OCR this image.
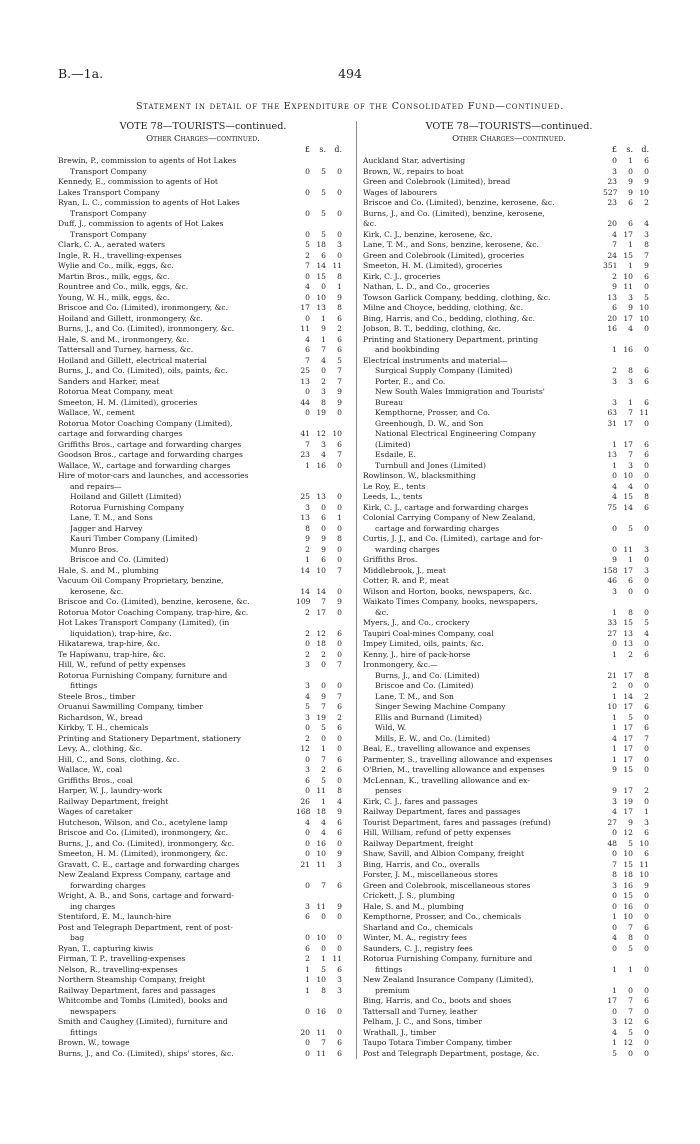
B.—1a.	494
Statement in detail of the Expenditure of the Consolidated Fund—continued.
VOTE 78—TOURISTS—continued.
Other Charges—continued.
£	s.	d.
Brewin, P., commission to agents of Hot Lakes
Transport Company	0	5	0
Kennedy, E., commission to agents of Hot
Lakes Transport Company	0	5	0
Ryan, L. C., commission to agents of Hot Lakes
Transport Company	0	5	0
Duff, J., commission to agents of Hot Lakes
Transport Company	0	5	0
Clark, C. A., aerated waters	5 18	3
Ingle, R. H., travelling-expenses	2	6	0
Wylie and Co., milk, eggs, &c.	7 14 11
Martin Bros., milk, eggs, &c.	0 15	8
Rountree and Co., milk, eggs, &c.	4	0	1
Young, W. H., milk, eggs, &c.	0 10	9
Briscoe and Co. (Limited), ironmongery, &c.	17 13	8
Hoiland and Gillett, ironmongery, &c.	0	1	6
Burns, J., and Co. (Limited), ironmongery, &c.	11	9	2
Hale, S. and M., ironmongery, &c.	4	1	6
Tattersall and Turney, harness, &c.	6	7	6
Hoiland and Gillett, electrical material	7	4	5
Burns, J., and Co. (Limited), oils, paints, &c.	25	0	7
Sanders and Harker, meat	13	2	7
Rotorua Meat Company, meat	0	3	9
Smeeton, H. M. (Limited), groceries	44	8	9
Wallace, W., cement	0 19	0
Rotorua Motor Coaching Company (Limited),
cartage and forwarding charges	41 12 10
Griffiths Bros., cartage and forwarding charges	7	3	6
Goodson Bros., cartage and forwarding charges	23	4	7
Wallace, W., cartage and forwarding charges	1 16	0
Hire of motor-cars and launches, and accessories
and repairs—
Hoiland and Gillett (Limited)	25 13	0
Rotorua Furnishing Company	3	0	0
Lane, T. M., and Sons	13	6	1
Jagger and Harvey	8	0	0
Kauri Timber Company (Limited)	9	9	8
Munro Bros.	2	9	0
Briscoe and Co. (Limited)	1	6	0
Hale, S. and M., plumbing	14 10	7
Vacuum Oil Company Proprietary, benzine,
kerosene, &c.	14 14	0
Briscoe and Co. (Limited), benzine, kerosene, &c.	109	7	9
Rotorua Motor Coaching Company, trap-hire, &c.	2 17	0
Hot Lakes Transport Company (Limited), (in
liquidation), trap-hire, &c.	2 12	6
Hikatarewa, trap-hire, &c.	0 18	0
Te Hapiwanu, trap-hire, &c.	2	2	0
Hill, W., refund of petty expenses	3	0	7
Rotorua Furnishing Company, furniture and
fittings	3	0	0
Steele Bros., timber	4	9	7
Oruanui Sawmilling Company, timber	5	7	6
Richardson, W., bread	3 19	2
Kirkby, T. H., chemicals	0	5	6
Printing and Stationery Department, stationery	2	0	0
Levy, A., clothing, &c.	12	1	0
Hill, C., and Sons, clothing, &c.	0	7	6
Wallace, W., coal	3	2	6
Griffiths Bros., coal	6	5	0
Harper, W. J., laundry-work	0 11	8
Railway Department, freight	26	1	4
Wages of caretaker	168 18	9
Hutcheson, Wilson, and Co., acetylene lamp	4	4	6
Briscoe and Co. (Limited), ironmongery, &c.	0	4	6
Burns, J., and Co. (Limited), ironmongery, &c.	0 16	0
Smeeton, H. M. (Limited), ironmongery, &c.	0 10	9
Gravatt, C. E., cartage and forwarding charges	21 11	3
New Zealand Express Company, cartage and
forwarding charges	0	7	6
Wright, A. B., and Sons, cartage and forward-
ing charges	3 11	9
Stentiford, E. M., launch-hire	6	0	0
Post and Telegraph Department, rent of post-
bag	0 10	0
Ryan, T., capturing kiwis	6	0	0
Firman, T. P., travelling-expenses	2	1 11
Nelson, R., travelling-expenses	1	5	6
Northern Steamship Company, freight	1 10	3
Railway Department, fares and passages	1	8	3
Whitcombe and Tombs (Limited), books and
newspapers	0 16	0
Smith and Caughey (Limited), furniture and
fittings	20 11	0
Brown, W., towage	0	7	6
Burns, J., and Co. (Limited), ships' stores, &c.	0 11	6
VOTE 78—TOURISTS—continued.
Other Charges—continued.
£	s.	d.
Auckland Star, advertising	0	1	6
Brown, W., repairs to boat	3	0	0
Green and Colebrook (Limited), bread	23	9	9
Wages of labourers	527	9 10
Briscoe and Co. (Limited), benzine, kerosene, &c.	23	6	2
Burns, J., and Co. (Limited), benzine, kerosene,
&c.	20	6	4
Kirk, C. J., benzine, kerosene, &c.	4 17	3
Lane, T. M., and Sons, benzine, kerosene, &c.	7	1	8
Green and Colebrook (Limited), groceries	24 15	7
Smeeton, H. M. (Limited), groceries	351	1	9
Kirk, C. J., groceries	2 10	6
Nathan, L. D., and Co., groceries	9 11	0
Towson Garlick Company, bedding, clothing, &c.	13	3	5
Milne and Choyce, bedding, clothing, &c.	6	9 10
Bing, Harris, and Co., bedding, clothing, &c.	20 17 10
Jobson, B. T., bedding, clothing, &c.	16	4	0
Printing and Stationery Department, printing
and bookbinding	1 16	0
Electrical instruments and material—
Surgical Supply Company (Limited)	2	8	6
Porter, E., and Co.	3	3	6
New South Wales Immigration and Tourists'
Bureau	3	1	6
Kempthorne, Prosser, and Co.	63	7 11
Greenhough, D. W., and Son	31 17	0
National Electrical Engineering Company
(Limited)	1 17	6
Esdaile, E.	13	7	6
Turnbull and Jones (Limited)	1	3	0
Rowlinson, W., blacksmithing	0 10	0
Le Roy, E., tents	4	4	0
Leeds, L., tents	4 15	8
Kirk, C. J., cartage and forwarding charges	75 14	6
Colonial Carrying Company of New Zealand,
cartage and forwarding charges	0	5	0
Curtis, J. J., and Co. (Limited), cartage and for-
warding charges	0 11	3
Griffiths Bros.	9	1	0
Middlebrook, J., meat	158 17	3
Cotter, R. and P., meat	46	6	0
Wilson and Horton, books, newspapers, &c.	3	0	0
Waikato Times Company, books, newspapers,
&c.	1	8	0
Myers, J., and Co., crockery	33 15	5
Taupiri Coal-mines Company, coal	27 13	4
Impey Limited, oils, paints, &c.	0 13	0
Kenny, J., hire of pack-horse	1	2	6
Ironmongery, &c.—
Burns, J., and Co. (Limited)	21 17	8
Briscoe and Co. (Limited)	2	0	0
Lane, T. M., and Son	1 14	2
Singer Sewing Machine Company	10 17	6
Ellis and Burnand (Limited)	1	5	0
Wild, W.	1 17	6
Mills, E. W., and Co. (Limited)	4 17	7
Beal, E., travelling allowance and expenses	1 17	0
Parmenter, S., travelling allowance and expenses	1 17	0
O'Brien, M., travelling allowance and expenses	9 15	0
McLennan, K., travelling allowance and ex-
penses	9 17	2
Kirk, C. J., fares and passages	3 19	0
Railway Department, fares and passages	4 17	1
Tourist Department, fares and passages (refund)	27	9	3
Hill, William, refund of petty expenses	0 12	6
Railway Department, freight	48	5 10
Shaw, Savill, and Albion Company, freight	0 10	6
Bing, Harris, and Co., overalls	7 15 11
Forster, J. M., miscellaneous stores	8 18 10
Green and Colebrook, miscellaneous stores	3 16	9
Crickett, J. S., plumbing	0 15	0
Hale, S. and M., plumbing	0 16	0
Kempthorne, Prosser, and Co., chemicals	1 10	0
Sharland and Co., chemicals	0	7	6
Winter, M. A., registry fees	4	8	0
Saunders, C. J., registry fees	0	5	0
Rotorua Furnishing Company, furniture and
fittings	1	1	0
New Zealand Insurance Company (Limited),
premium	1	0	0
Bing, Harris, and Co., boots and shoes	17	7	6
Tattersall and Turney, leather	0	7	0
Pelham, J. C., and Sons, timber	3 12	6
Wrathall, J., timber	4	5	0
Taupo Totara Timber Company, timber	1 12	0
Post and Telegraph Department, postage, &c.	5	0	0
